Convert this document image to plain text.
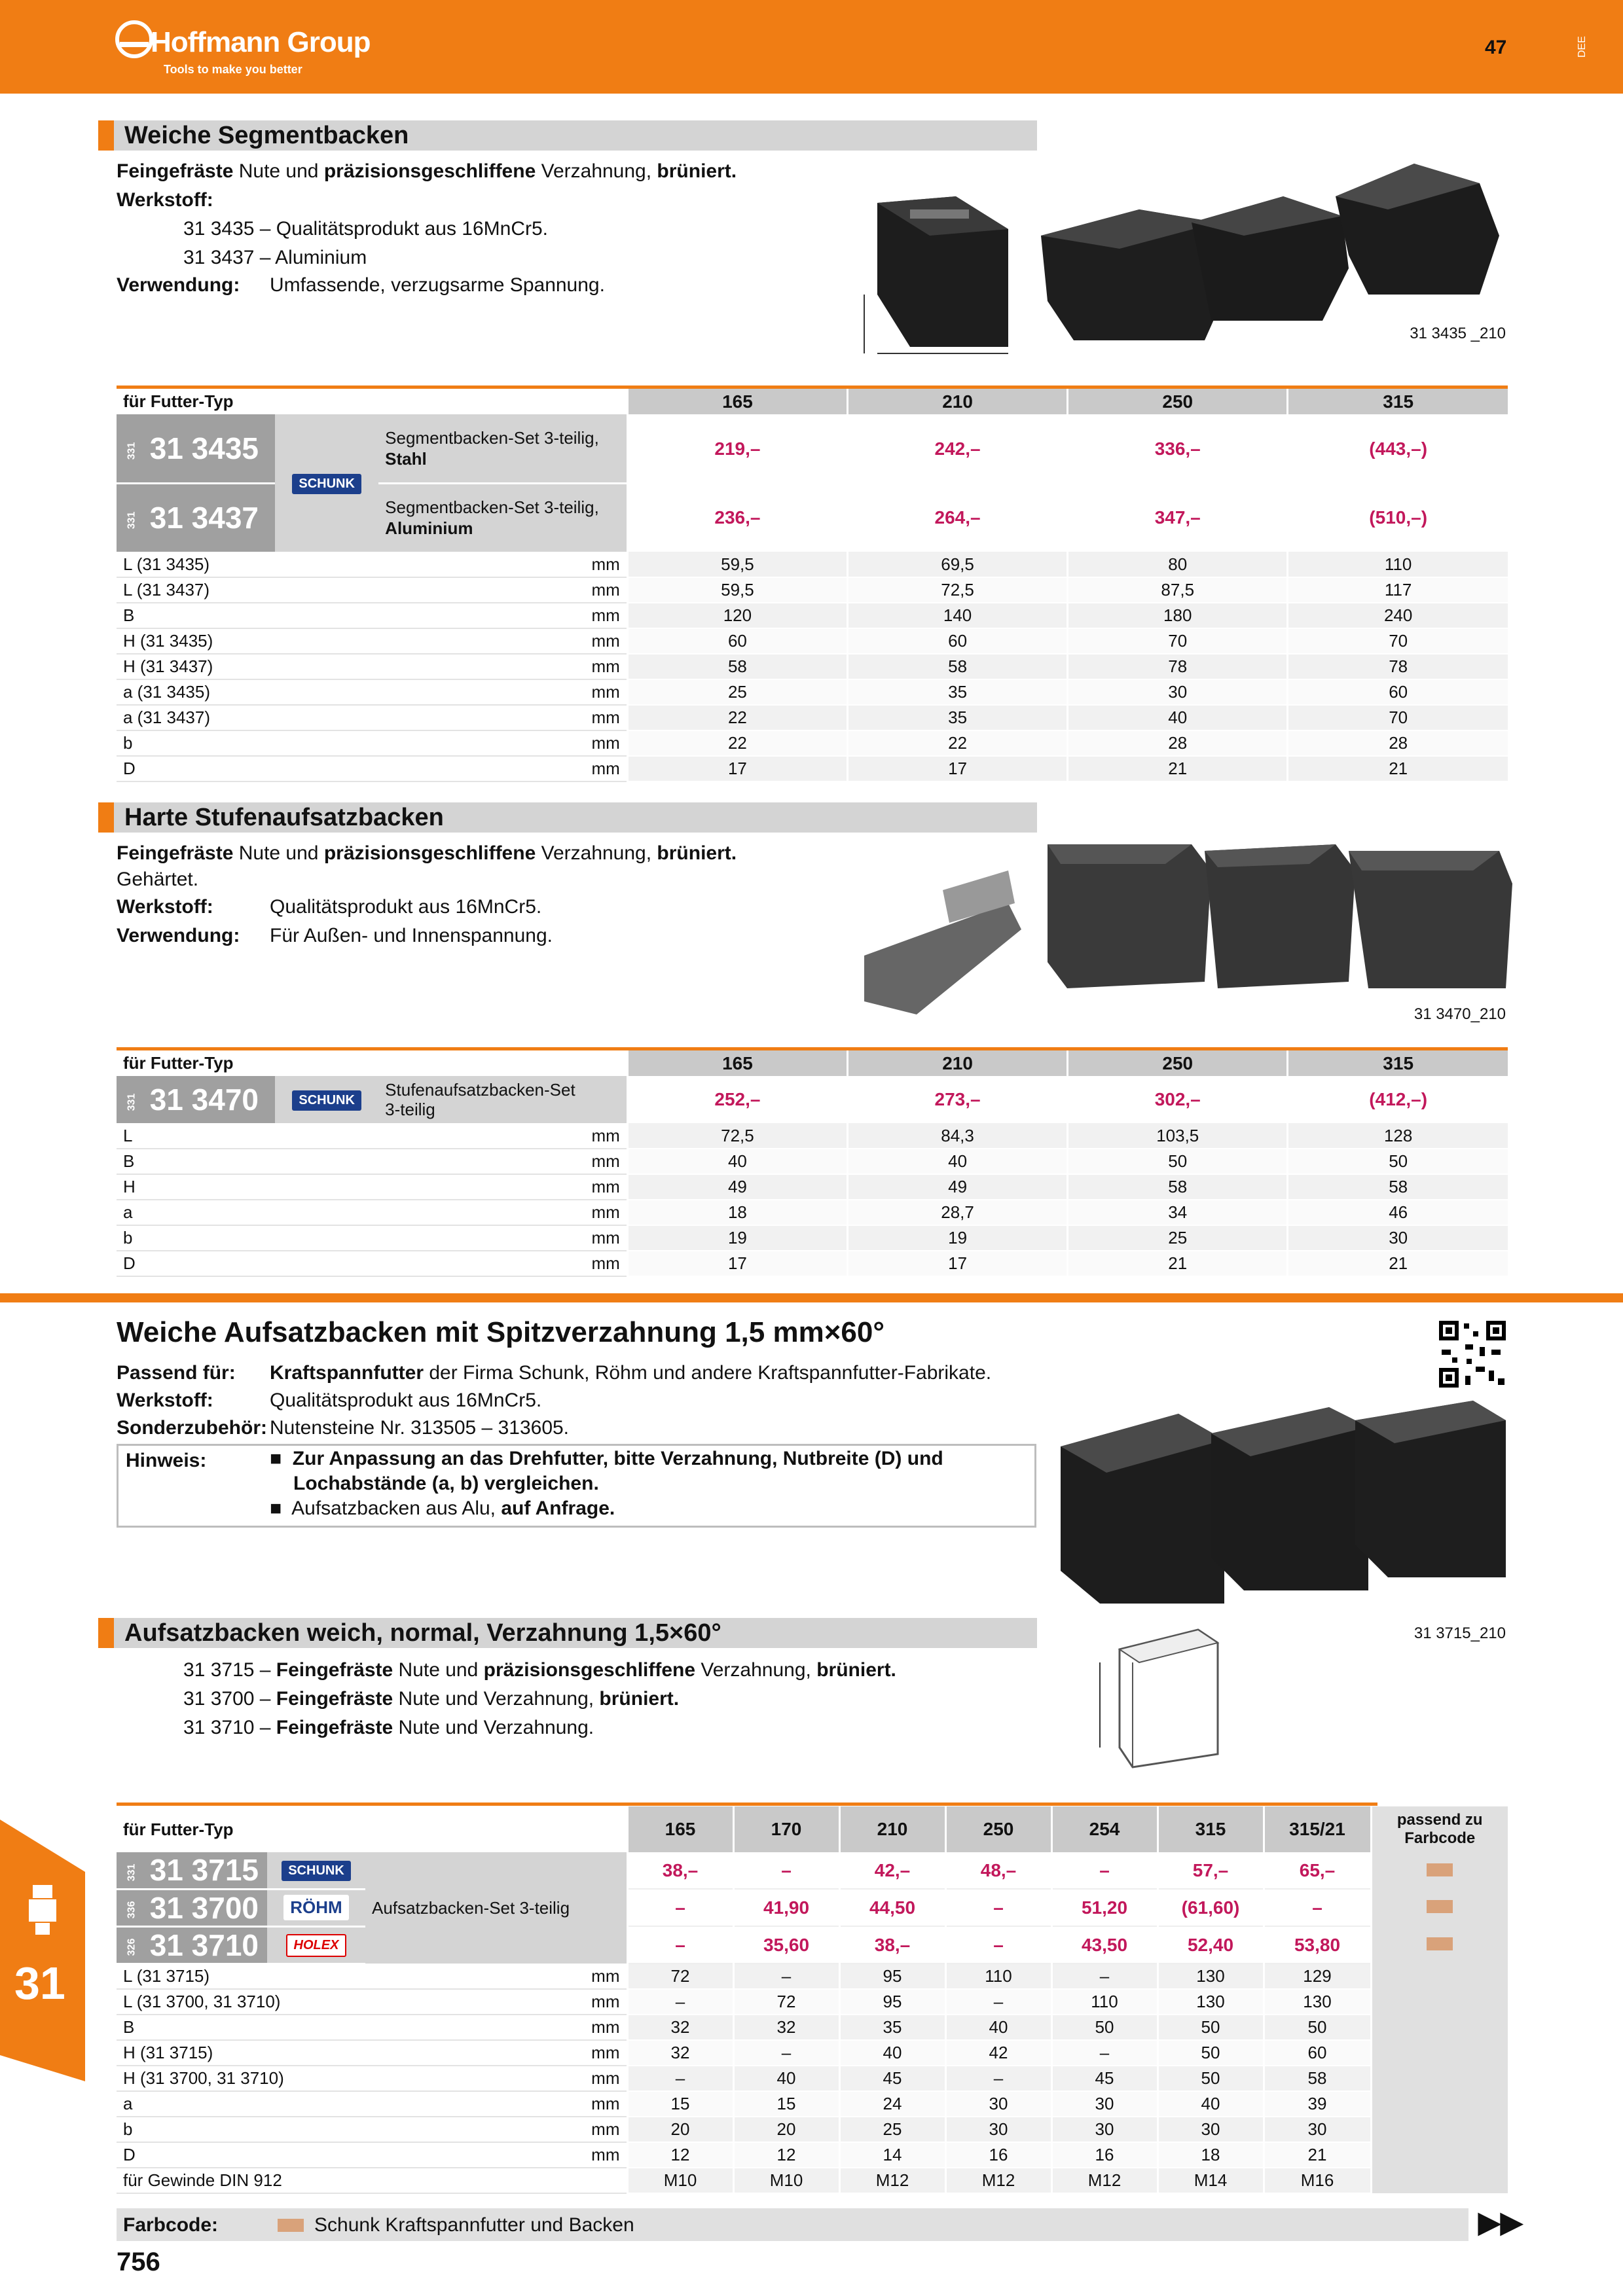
Hoffmann Group
Tools to make you better
47	DEE
Weiche Segmentbacken
Feingefräste Nute und präzisionsgeschliffene Verzahnung, brüniert.
Werkstoff:
31 3435 – Qualitätsprodukt aus 16MnCr5.
31 3437 – Aluminium
Verwendung: Umfassende, verzugsarme Spannung.
31 3435 _210
für Futter-Typ			165	210	250	315
331 31 3435	SCHUNK	Segmentbacken-Set 3-teilig,
Stahl	219,–	242,–	336,–	(443,–)
331 31 3437		Segmentbacken-Set 3-teilig,
Aluminium	236,–	264,–	347,–	(510,–)
L (31 3435)		mm	59,5	69,5	80	110
L (31 3437)		mm	59,5	72,5	87,5	117
B		mm	120	140	180	240
H (31 3435)		mm	60	60	70	70
H (31 3437)		mm	58	58	78	78
a (31 3435)		mm	25	35	30	60
a (31 3437)		mm	22	35	40	70
b		mm	22	22	28	28
D		mm	17	17	21	21
Harte Stufenaufsatzbacken
Feingefräste Nute und präzisionsgeschliffene Verzahnung, brüniert.
Gehärtet.
Werkstoff:	Qualitätsprodukt aus 16MnCr5.
Verwendung: Für Außen- und Innenspannung.
31 3470_210
für Futter-Typ			165	210	250	315
331 31 3470	SCHUNK	Stufenaufsatzbacken-Set
3-teilig	252,–	273,–	302,–	(412,–)
L		mm	72,5	84,3	103,5	128
B		mm	40	40	50	50
H		mm	49	49	58	58
a		mm	18	28,7	34	46
b		mm	19	19	25	30
D		mm	17	17	21	21
Weiche Aufsatzbacken mit Spitzverzahnung 1,5 mm×60°
Passend für: Kraftspannfutter der Firma Schunk, Röhm und andere Kraftspannfutter-Fabrikate.
Werkstoff:	Qualitätsprodukt aus 16MnCr5.
Sonderzubehör: Nutensteine Nr. 313505 – 313605.
Hinweis:	■  Zur Anpassung an das Drehfutter, bitte Verzahnung, Nutbreite (D) und
Lochabstände (a, b) vergleichen.
■ Aufsatzbacken aus Alu, auf Anfrage.
Aufsatzbacken weich, normal, Verzahnung 1,5×60°
31 3715 – Feingefräste Nute und präzisionsgeschliffene Verzahnung, brüniert.
31 3700 – Feingefräste Nute und Verzahnung, brüniert.
31 3710 – Feingefräste Nute und Verzahnung.
31 3715_210
für Futter-Typ			165	170	210	250	254	315	315/21	passend zu
Farbcode

331 31 3715	SCHUNK	Aufsatzbacken-Set 3-teilig	38,–	–	42,–	48,–	–	57,–	65,–	
336 31 3700	RÖHM		–	41,90	44,50	–	51,20	(61,60)	–	
326 31 3710	HOLEX		–	35,60	38,–	–	43,50	52,40	53,80	
L (31 3715)		mm	72	–	95	110	–	130	129	
L (31 3700, 31 3710)		mm	–	72	95	–	110	130	130	
B		mm	32	32	35	40	50	50	50	
H (31 3715)		mm	32	–	40	42	–	50	60	
H (31 3700, 31 3710)		mm	–	40	45	–	45	50	58	
a		mm	15	15	24	30	30	40	39	
b		mm	20	20	25	30	30	30	30	
D		mm	12	12	14	16	16	18	21	
für Gewinde DIN 912			M10	M10	M12	M12	M12	M14	M16	
Farbcode:	Schunk Kraftspannfutter und Backen	▶▶
756
31
